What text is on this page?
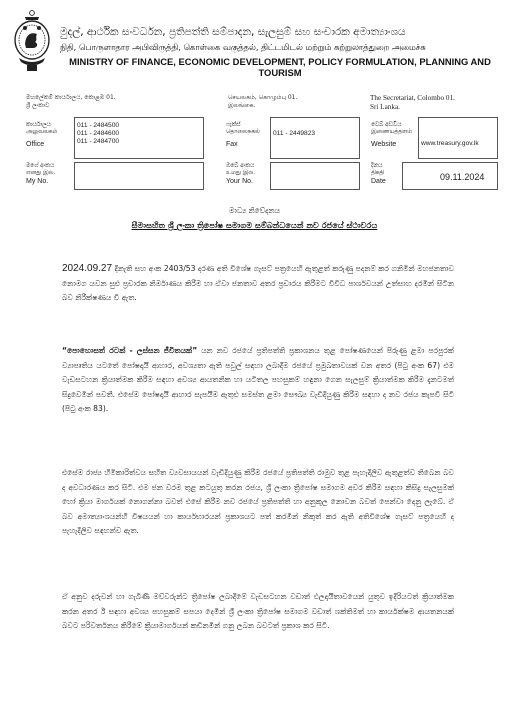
මුදල්, ආර්ථික සංවර්ධන, ප්‍රතිපත්ති සම්පාදන, සැලසුම් සහ සංචාරක අමාත්‍යාංශය
நிதி, பொருளாதார அபிவிருத்தி, கொள்கை வகுத்தல், திட்டமிடல் மற்றும் சுற்றுலாத்துறை அமைச்சு
MINISTRY OF FINANCE, ECONOMIC DEVELOPMENT, POLICY FORMULATION, PLANNING AND TOURISM
මහලේකම් කාර්යාලය, කොළඹ 01.
ශ්‍රී ලංකාව
செயலகம், கொழும்பு 01.
இலங்கை.
The Secretariat, Colombo 01.
Sri Lanka.
කාර්යාලය
அலுவலகம்
Office
011 - 2484500
011 - 2484600
011 - 2484700
ෆැක්ස්
தொலைநகல்
Fax
011 - 2449823
වෙබ් අඩවිය
இணையத்தளம்
Website	www.treasury.gov.lk
මගේ අංකය
எனது இல.
My No.
ඔබේ අංකය
உமது இல.
Your No.
දිනය
திகதி
Date	09.11.2024
මාධ්‍ය නිවේදනය
සීමාසහිත ශ්‍රී ලංකා ත්‍රිපෝෂ සමාගම සම්බන්ධයෙන් නව රජයේ ස්ථාවරය
2024.09.27 දිනැති සහ අංක 2403/53 දරණ අති විශේෂ ගැසට් පත්‍රයෙහි ඇතුළත් කරුණු පදනම් කර ගනිමින් මහජනතාව නොමග යවන සුළු ප්‍රචාරක නිර්මාණය කිරීම හා ඒවා ජනතාව අතර ප්‍රචාරය කිරීමට විවිධ පාර්ශවයන් උත්සාහ දරමින් සිටින බව නිරීක්ෂණය වී ඇත.
“පොහොසත් රටක් - ලස්සන ජීවිතයක්” යන නව රජයේ ප්‍රතිපත්ති ප්‍රකාශනය තුළ පෝෂණයෙන් පිරුණු ළමා පරපුරක් ව්‍යාපෘතිය යටතේ පෝෂදායී ආහාර, අවශ්‍යතා ඇති පවුල් සඳහා ලබාදීම රජයේ ප්‍රමුඛතාවයක් වන අතර (පිටු අංක 67) එම වැඩසටහන ක්‍රියාත්මක කිරීම සඳහා අවශ්‍ය ආයතනික හා යටිතල පහසුකම් හඳුනා ගෙන සැලසුම් ක්‍රියාත්මක කිරීම දැනටමත් සිදුවෙමින් පවතී. එසේම පෝෂදායී ආහාර සැපයීම ඇතුළු සමස්ත ළමා සෞඛ්‍ය වැඩිදියුණු කිරීම සඳහා ද නව රජය කැපවී සිටී (පිටු අංක 83).
එසේම රාජ්‍ය හිමිකාරිත්වය සහිත ව්‍යවසායයන් වැඩිදියුණු කිරීම රජයේ ප්‍රතිපත්ති රාමුව තුළ පැහැදිලිව ඇතුළත්ව තිබෙන බව ද අවධාරණය කර සිටී. එම ජන වරම තුළ කටයුතු කරන රජය, ශ්‍රී ලංකා ත්‍රිපෝෂ සමාගම අවර කිරීම සඳහා කිසිදු සැලසුමක් හෝ ක්‍රියා මාර්ගයක් නොගන්නා බවත් එසේ කිරීම නව රජයේ ප්‍රතිපත්ති හා අනුකූල නොවන බවත් පෙන්වා දෙනු ලැබේ. ඒ බව අමාත්‍යාංශයන්හි විෂයයන් හා කාර්යභාරයන් ප්‍රකාශයට පත් කරමින් නිකුත් කර ඇති අතිවිශේෂ ගැසට් පත්‍රයෙහි ද පැහැදිලිව සඳහන්ව ඇත.
ඒ අනුව දරුවන් හා ගැබිණි මව්වරුන්ට ත්‍රිපෝෂ ලබාදීමේ වැඩසටහන වඩාත් ඵලදායීතාවයෙන් යුතුව ඉදිරියටත් ක්‍රියාත්මක කරන අතර ඊ සඳහා අවශ්‍ය පහසුකම් සපයා දෙමින් ශ්‍රී ලංකා ත්‍රිපෝෂ සමාගම වඩාත් ශක්තිමත් හා කාර්යක්ෂම ආයතනයක් බවට පරිවර්තනය කිරීමේ ක්‍රියාමාර්ගයන් කඩිනමින් ගනු ලබන බවටත් ප්‍රකාශ කර සිටී.
